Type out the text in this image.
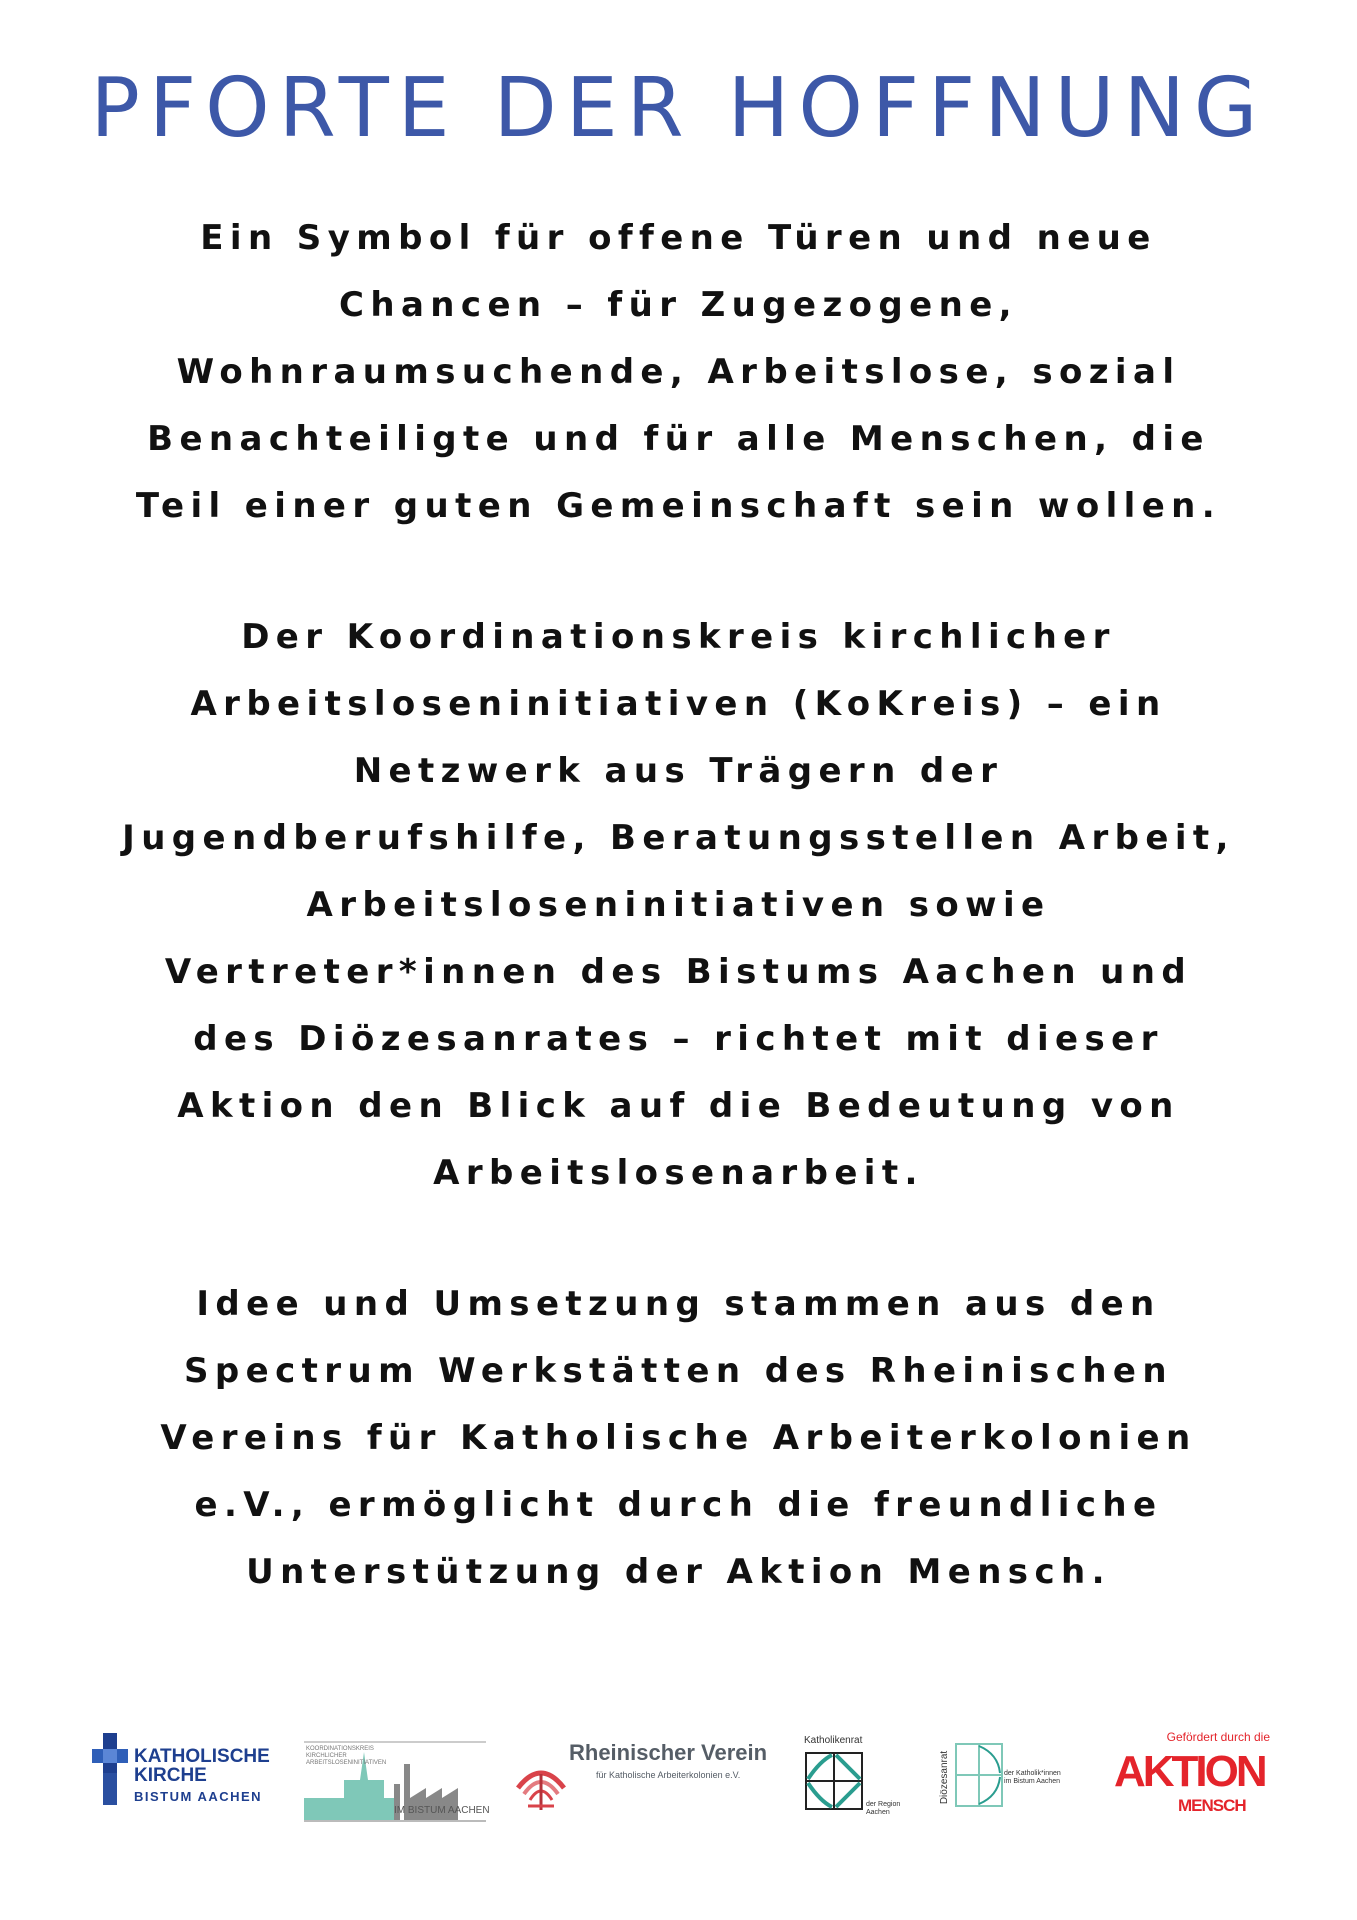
PFORTE DER HOFFNUNG
Ein Symbol für offene Türen und neue
Chancen – für Zugezogene,
Wohnraumsuchende, Arbeitslose, sozial
Benachteiligte und für alle Menschen, die
Teil einer guten Gemeinschaft sein wollen.
Der Koordinationskreis kirchlicher
Arbeitsloseninitiativen (KoKreis) – ein
Netzwerk aus Trägern der
Jugendberufshilfe, Beratungsstellen Arbeit,
Arbeitsloseninitiativen sowie
Vertreter*innen des Bistums Aachen und
des Diözesanrates – richtet mit dieser
Aktion den Blick auf die Bedeutung von
Arbeitslosenarbeit.
Idee und Umsetzung stammen aus den
Spectrum Werkstätten des Rheinischen
Vereins für Katholische Arbeiterkolonien
e.V., ermöglicht durch die freundliche
Unterstützung der Aktion Mensch.
KATHOLISCHE
KIRCHE
BISTUM AACHEN
KOORDINATIONSKREIS
KIRCHLICHER
ARBEITSLOSENINITIATIVEN
IM BISTUM AACHEN
Rheinischer Verein
für Katholische Arbeiterkolonien e.V.
Katholikenrat
der Region
Aachen
Diözesanrat	der Katholik*innen
im Bistum Aachen
Gefördert durch die
AKTION
MENSCH
